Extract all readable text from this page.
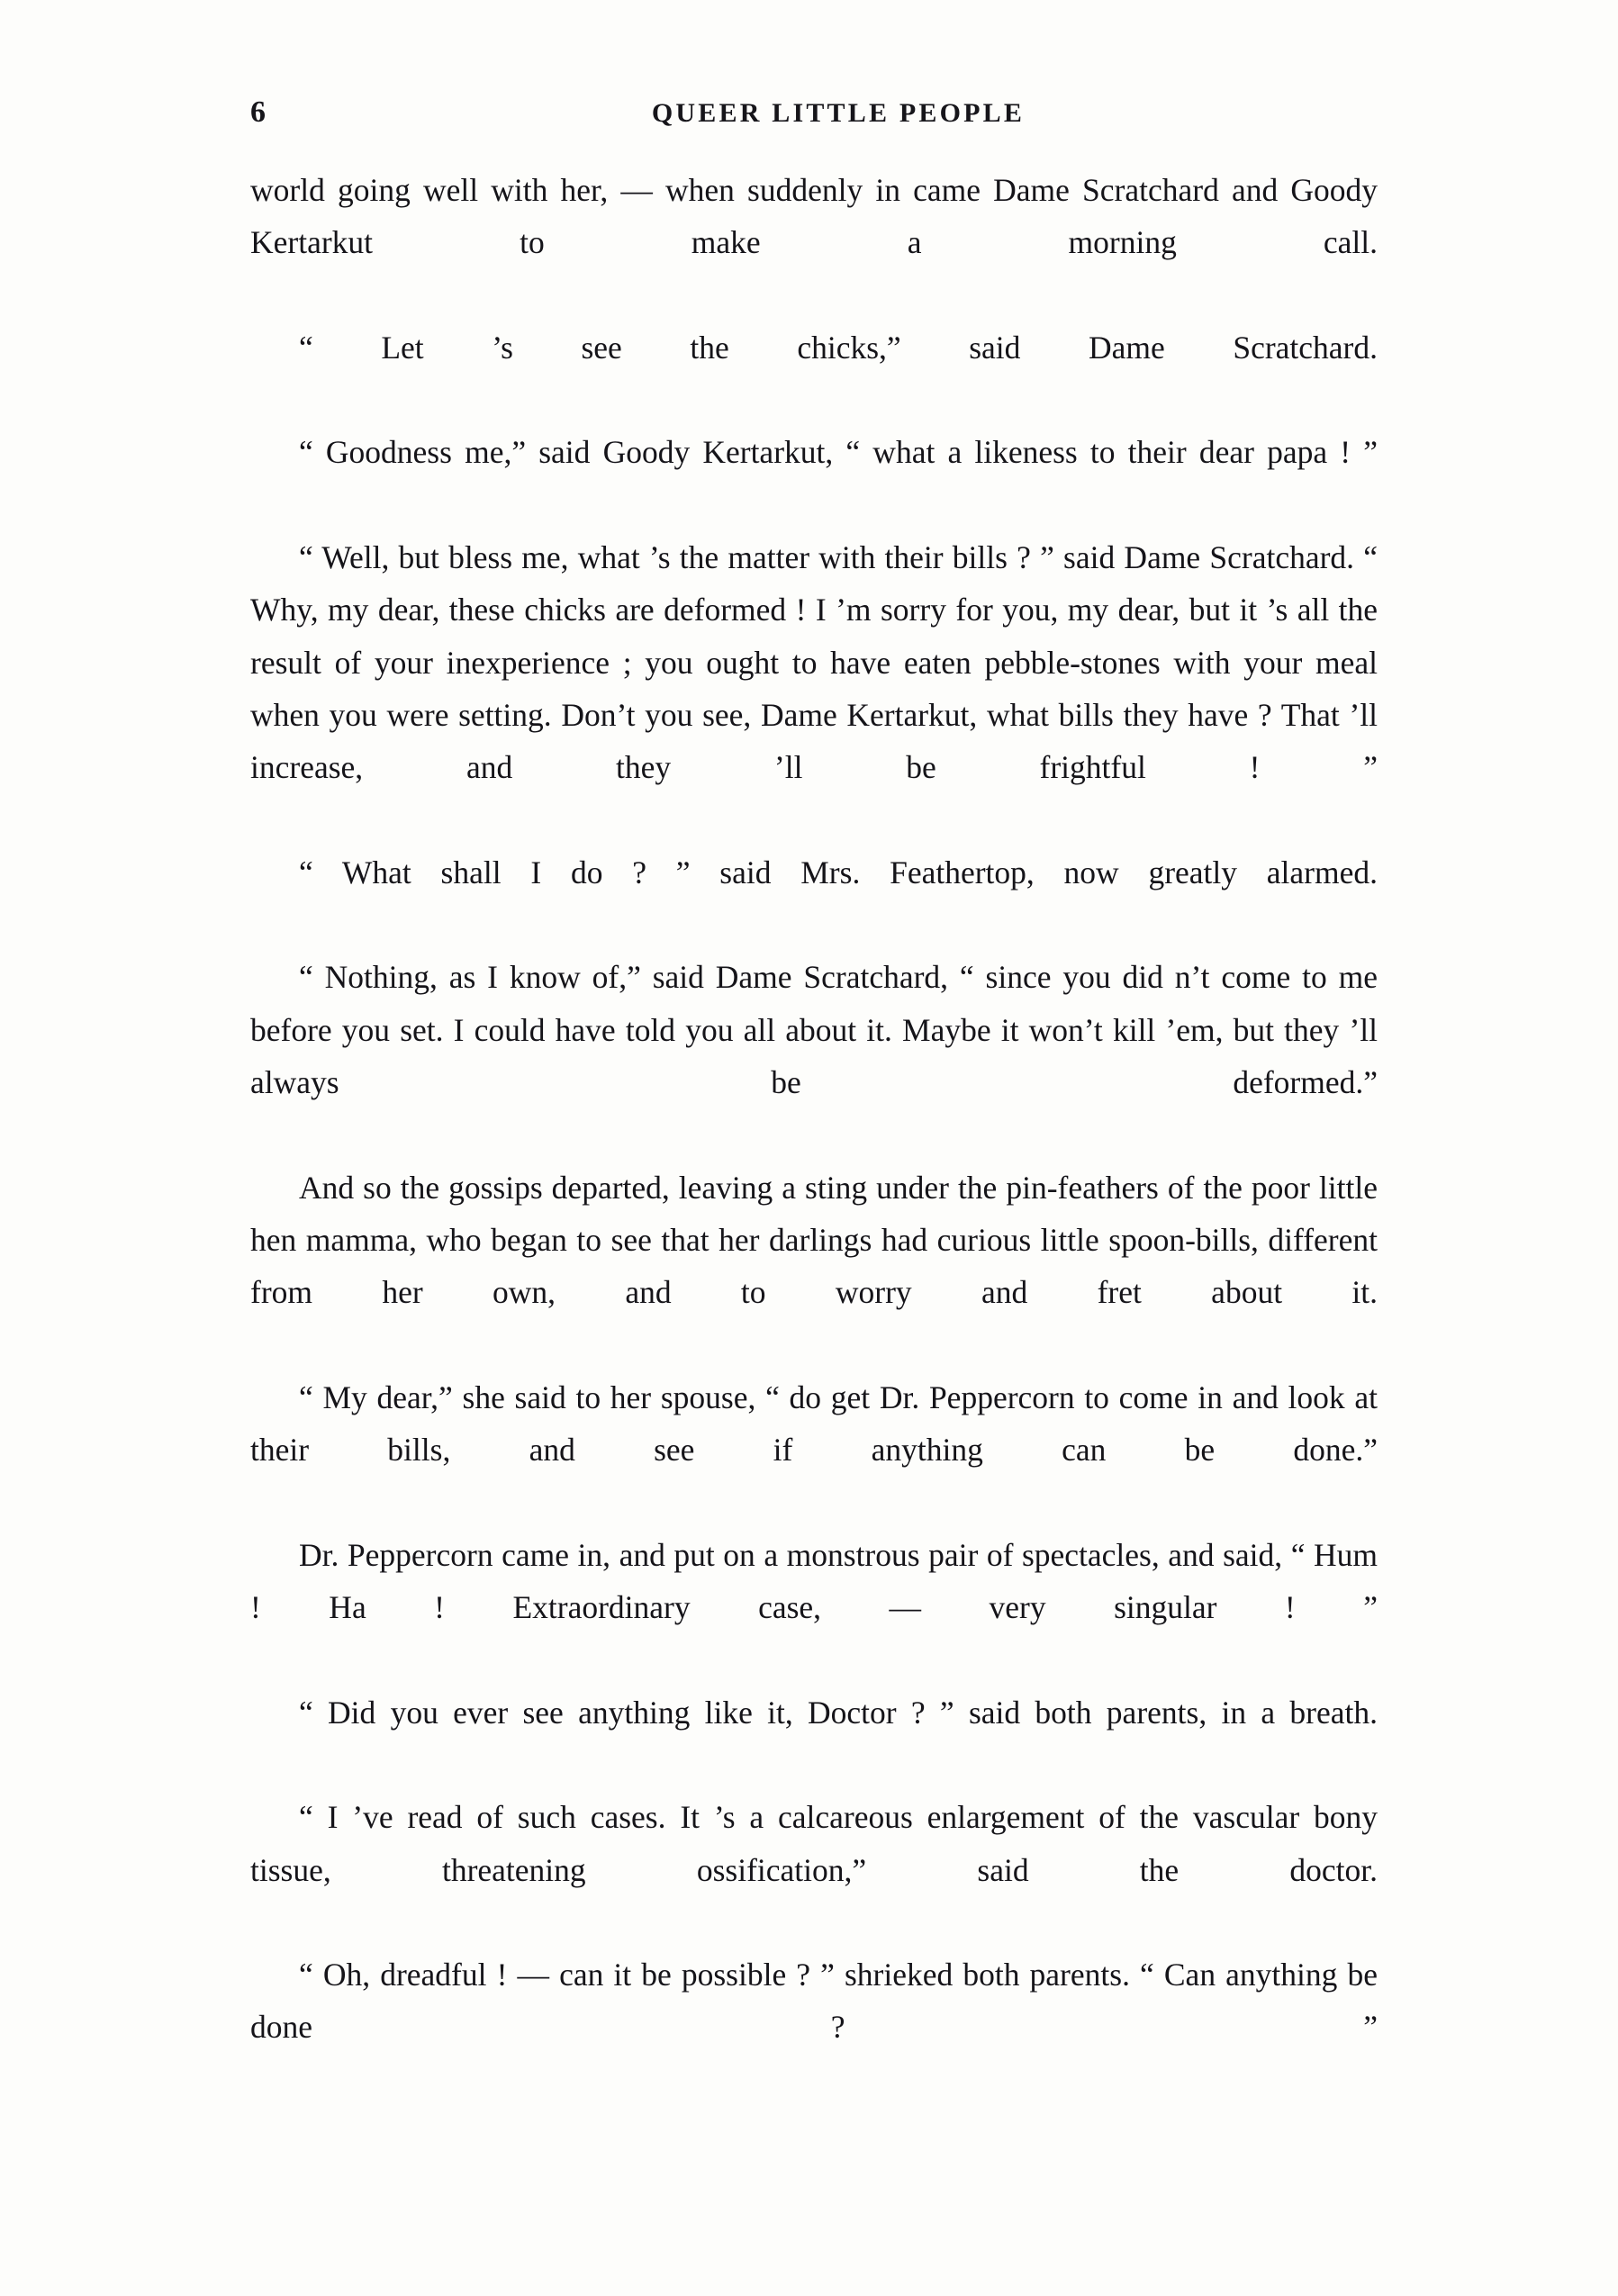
6	QUEER LITTLE PEOPLE

world going well with her, — when suddenly in came Dame Scratchard and Goody Kertarkut to make a morning call.

“ Let ’s see the chicks,” said Dame Scratchard.

“ Goodness me,” said Goody Kertarkut, “ what a likeness to their dear papa ! ”

“ Well, but bless me, what ’s the matter with their bills ? ” said Dame Scratchard. “ Why, my dear, these chicks are deformed ! I ’m sorry for you, my dear, but it ’s all the result of your inexperience ; you ought to have eaten pebble-stones with your meal when you were setting. Don’t you see, Dame Kertarkut, what bills they have ? That ’ll increase, and they ’ll be frightful ! ”

“ What shall I do ? ” said Mrs. Feathertop, now greatly alarmed.

“ Nothing, as I know of,” said Dame Scratchard, “ since you did n’t come to me before you set. I could have told you all about it. Maybe it won’t kill ’em, but they ’ll always be deformed.”

And so the gossips departed, leaving a sting under the pin-feathers of the poor little hen mamma, who began to see that her darlings had curious little spoon-bills, different from her own, and to worry and fret about it.

“ My dear,” she said to her spouse, “ do get Dr. Peppercorn to come in and look at their bills, and see if anything can be done.”

Dr. Peppercorn came in, and put on a monstrous pair of spectacles, and said, “ Hum ! Ha ! Extraordinary case, — very singular ! ”

“ Did you ever see anything like it, Doctor ? ” said both parents, in a breath.

“ I ’ve read of such cases. It ’s a calcareous enlargement of the vascular bony tissue, threatening ossification,” said the doctor.

“ Oh, dreadful ! — can it be possible ? ” shrieked both parents. “ Can anything be done ? ”
